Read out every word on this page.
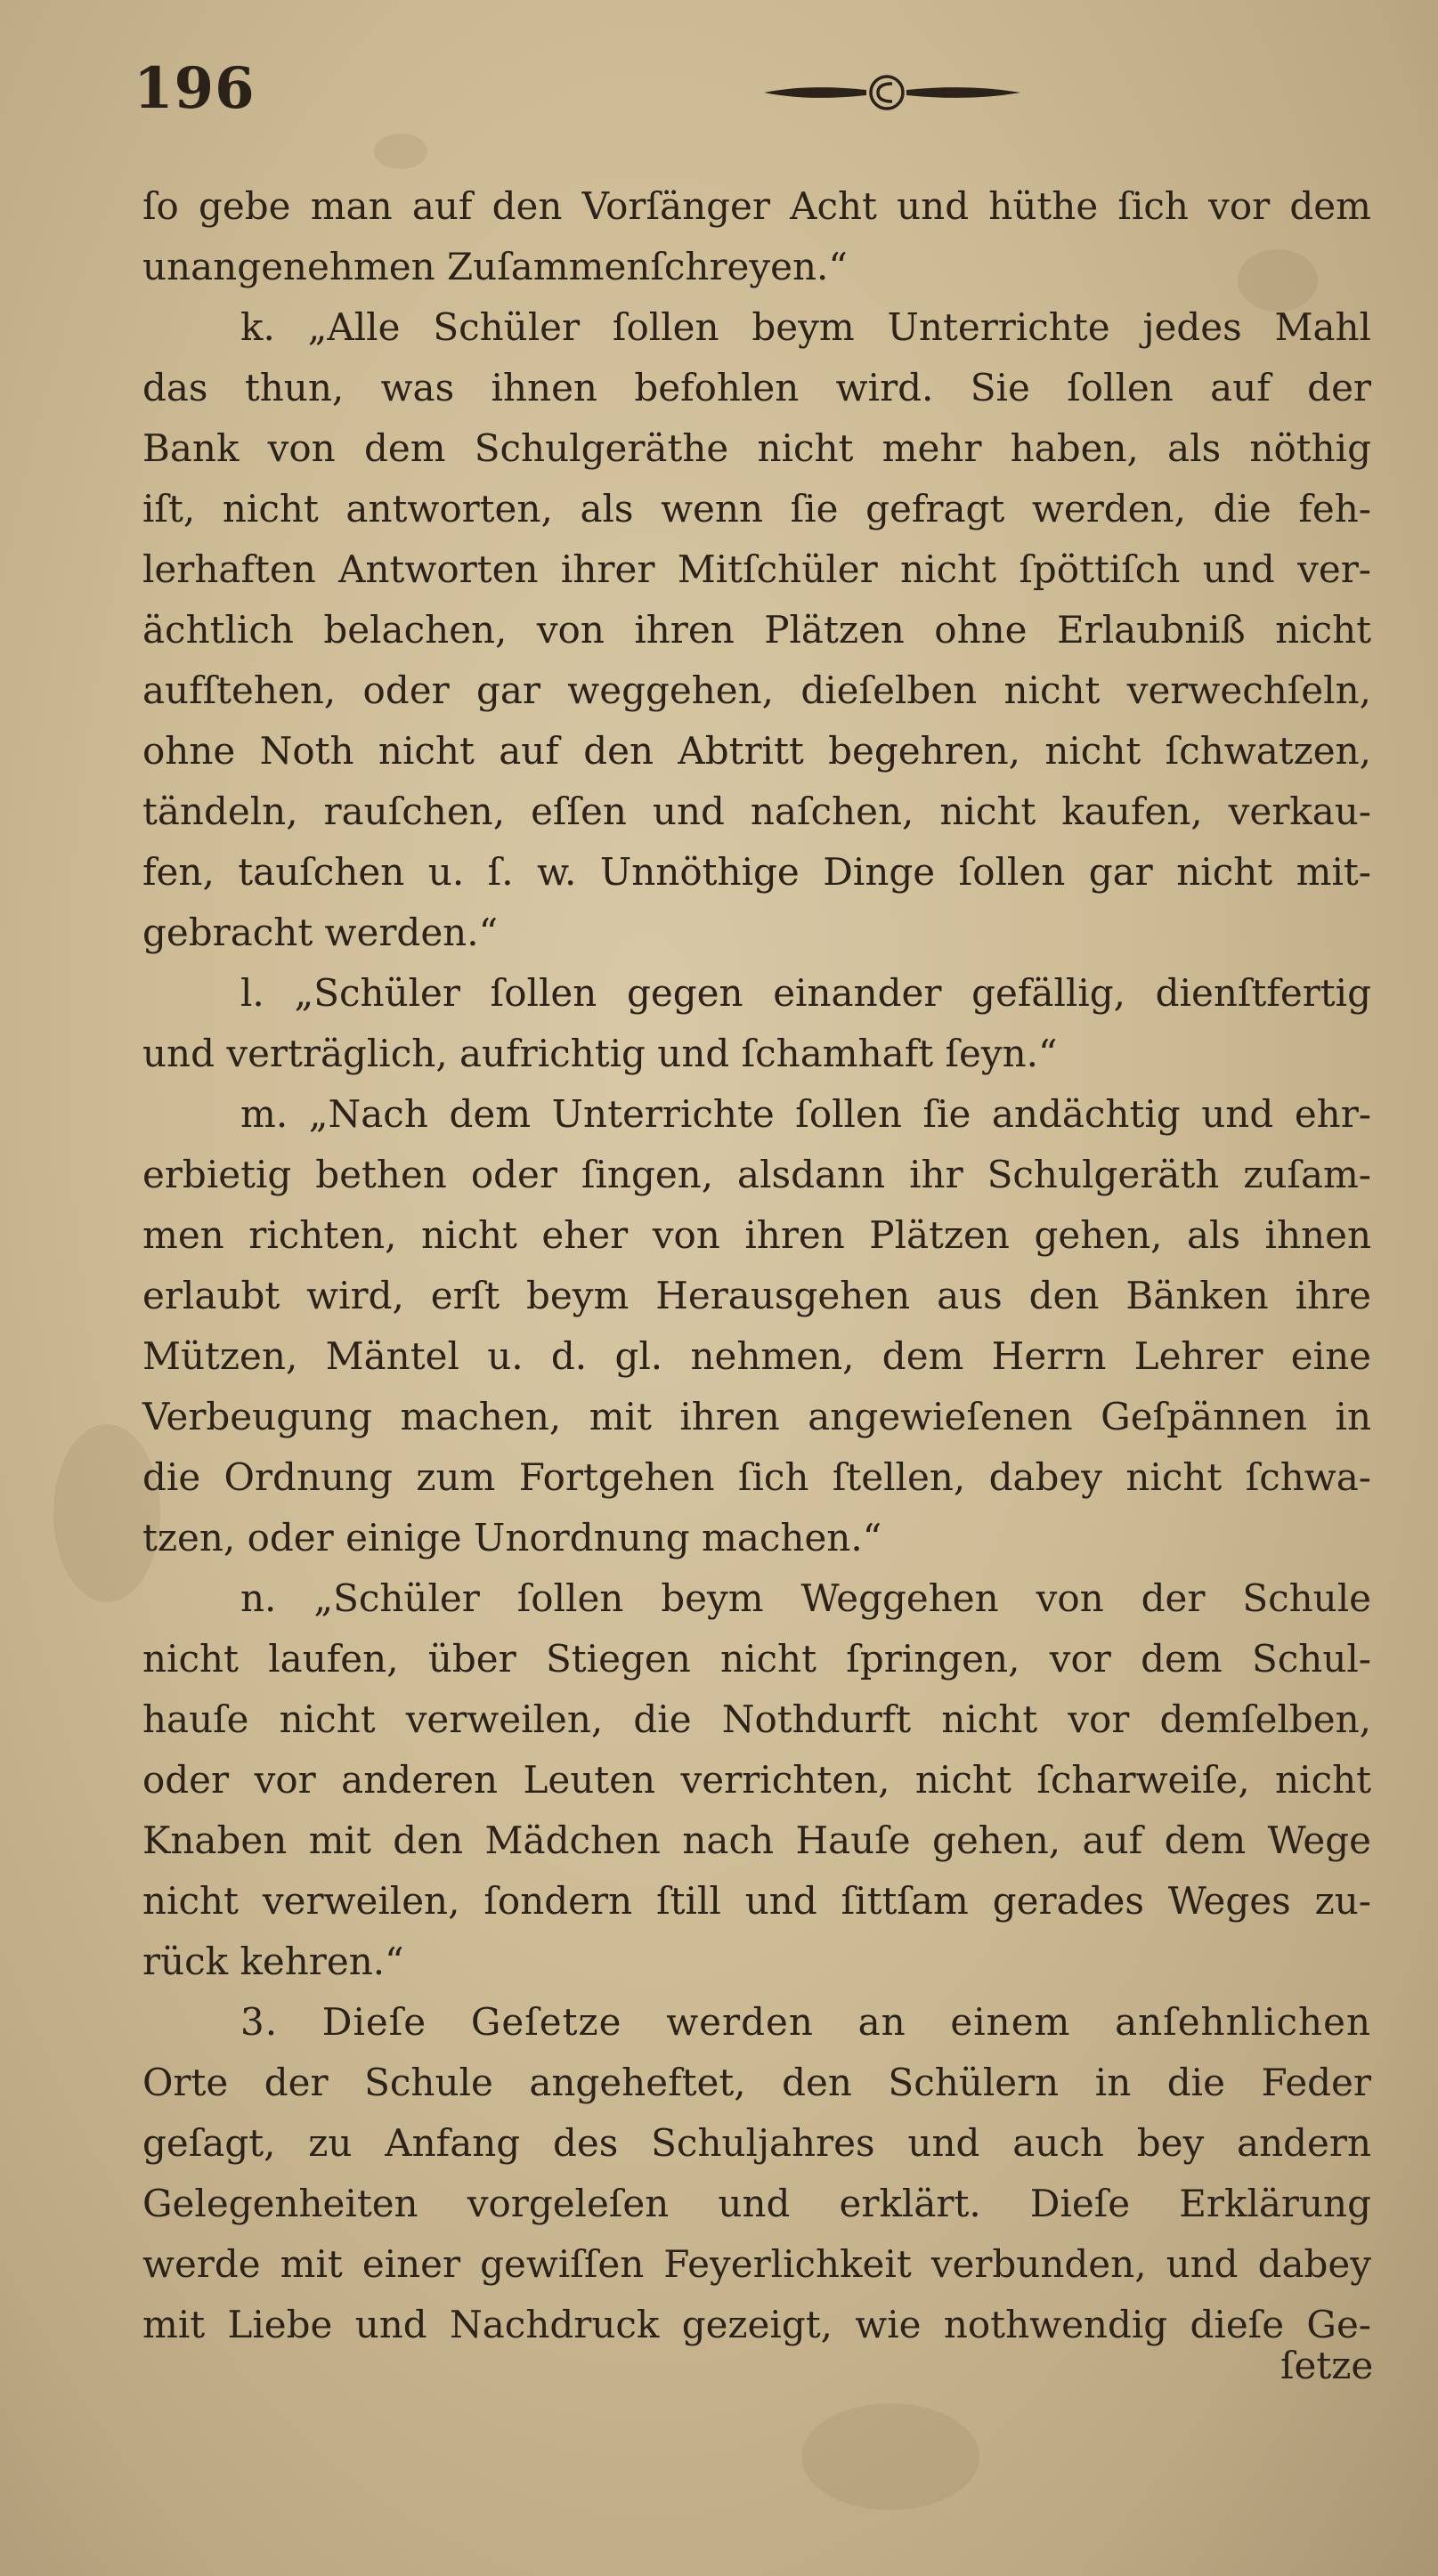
196
ſo gebe man auf den Vorſänger Acht und hüthe ſich vor dem
unangenehmen Zuſammenſchreyen.“
k. „Alle Schüler ſollen beym Unterrichte jedes Mahl
das thun, was ihnen befohlen wird. Sie ſollen auf der
Bank von dem Schulgeräthe nicht mehr haben, als nöthig
iſt, nicht antworten, als wenn ſie gefragt werden, die feh-
lerhaften Antworten ihrer Mitſchüler nicht ſpöttiſch und ver-
ächtlich belachen, von ihren Plätzen ohne Erlaubniß nicht
aufſtehen, oder gar weggehen, dieſelben nicht verwechſeln,
ohne Noth nicht auf den Abtritt begehren, nicht ſchwatzen,
tändeln, rauſchen, eſſen und naſchen, nicht kaufen, verkau-
fen, tauſchen u. ſ. w. Unnöthige Dinge ſollen gar nicht mit-
gebracht werden.“
l. „Schüler ſollen gegen einander gefällig, dienſtfertig
und verträglich, aufrichtig und ſchamhaft ſeyn.“
m. „Nach dem Unterrichte ſollen ſie andächtig und ehr-
erbietig bethen oder ſingen, alsdann ihr Schulgeräth zuſam-
men richten, nicht eher von ihren Plätzen gehen, als ihnen
erlaubt wird, erſt beym Herausgehen aus den Bänken ihre
Mützen, Mäntel u. d. gl. nehmen, dem Herrn Lehrer eine
Verbeugung machen, mit ihren angewieſenen Geſpännen in
die Ordnung zum Fortgehen ſich ſtellen, dabey nicht ſchwa-
tzen, oder einige Unordnung machen.“
n. „Schüler ſollen beym Weggehen von der Schule
nicht laufen, über Stiegen nicht ſpringen, vor dem Schul-
hauſe nicht verweilen, die Nothdurft nicht vor demſelben,
oder vor anderen Leuten verrichten, nicht ſcharweiſe, nicht
Knaben mit den Mädchen nach Hauſe gehen, auf dem Wege
nicht verweilen, ſondern ſtill und ſittſam gerades Weges zu-
rück kehren.“
3. Dieſe Geſetze werden an einem anſehnlichen
Orte der Schule angeheftet, den Schülern in die Feder
geſagt, zu Anfang des Schuljahres und auch bey andern
Gelegenheiten vorgeleſen und erklärt. Dieſe Erklärung
werde mit einer gewiſſen Feyerlichkeit verbunden, und dabey
mit Liebe und Nachdruck gezeigt, wie nothwendig dieſe Ge-
ſetze
